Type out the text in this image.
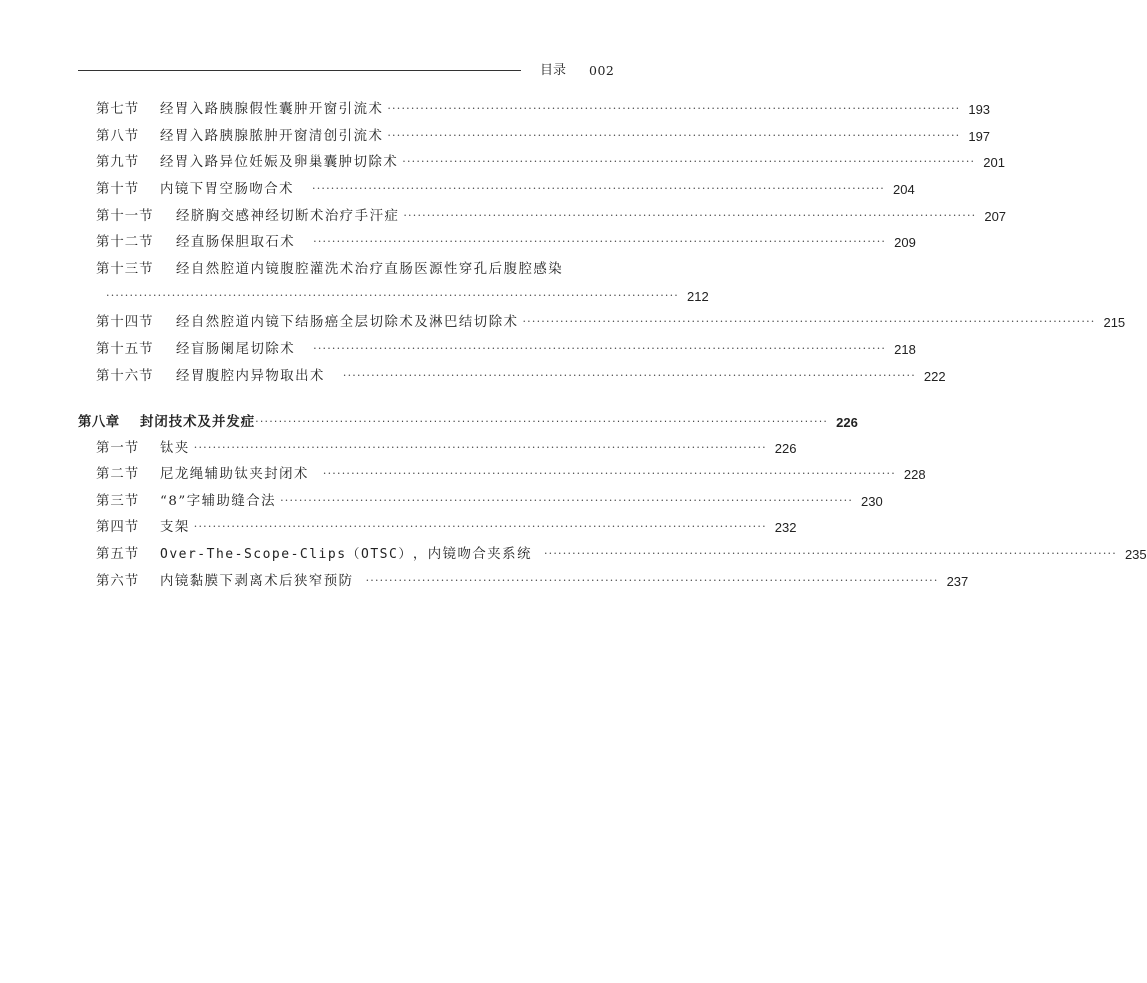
目录 002
第七节	经胃入路胰腺假性囊肿开窗引流术 ·························································································································· 193
第八节	经胃入路胰腺脓肿开窗清创引流术 ·························································································································· 197
第九节	经胃入路异位妊娠及卵巢囊肿切除术 ·························································································································· 201
第十节	内镜下胃空肠吻合术 ·························································································································· 204
第十一节	经脐胸交感神经切断术治疗手汗症 ·························································································································· 207
第十二节	经直肠保胆取石术 ·························································································································· 209
第十三节	经自然腔道内镜腹腔灌洗术治疗直肠医源性穿孔后腹腔感染
·························································································································· 212
第十四节	经自然腔道内镜下结肠癌全层切除术及淋巴结切除术 ·························································································································· 215
第十五节	经盲肠阑尾切除术 ·························································································································· 218
第十六节	经胃腹腔内异物取出术 ·························································································································· 222
第八章	封闭技术及并发症 ·························································································································· 226
第一节	钛夹 ·························································································································· 226
第二节	尼龙绳辅助钛夹封闭术 ·························································································································· 228
第三节	“8”字辅助缝合法 ·························································································································· 230
第四节	支架 ·························································································································· 232
第五节	Over-The-Scope-Clips（OTSC） ，内镜吻合夹系统 ·························································································································· 235
第六节	内镜黏膜下剥离术后狭窄预防 ·························································································································· 237
